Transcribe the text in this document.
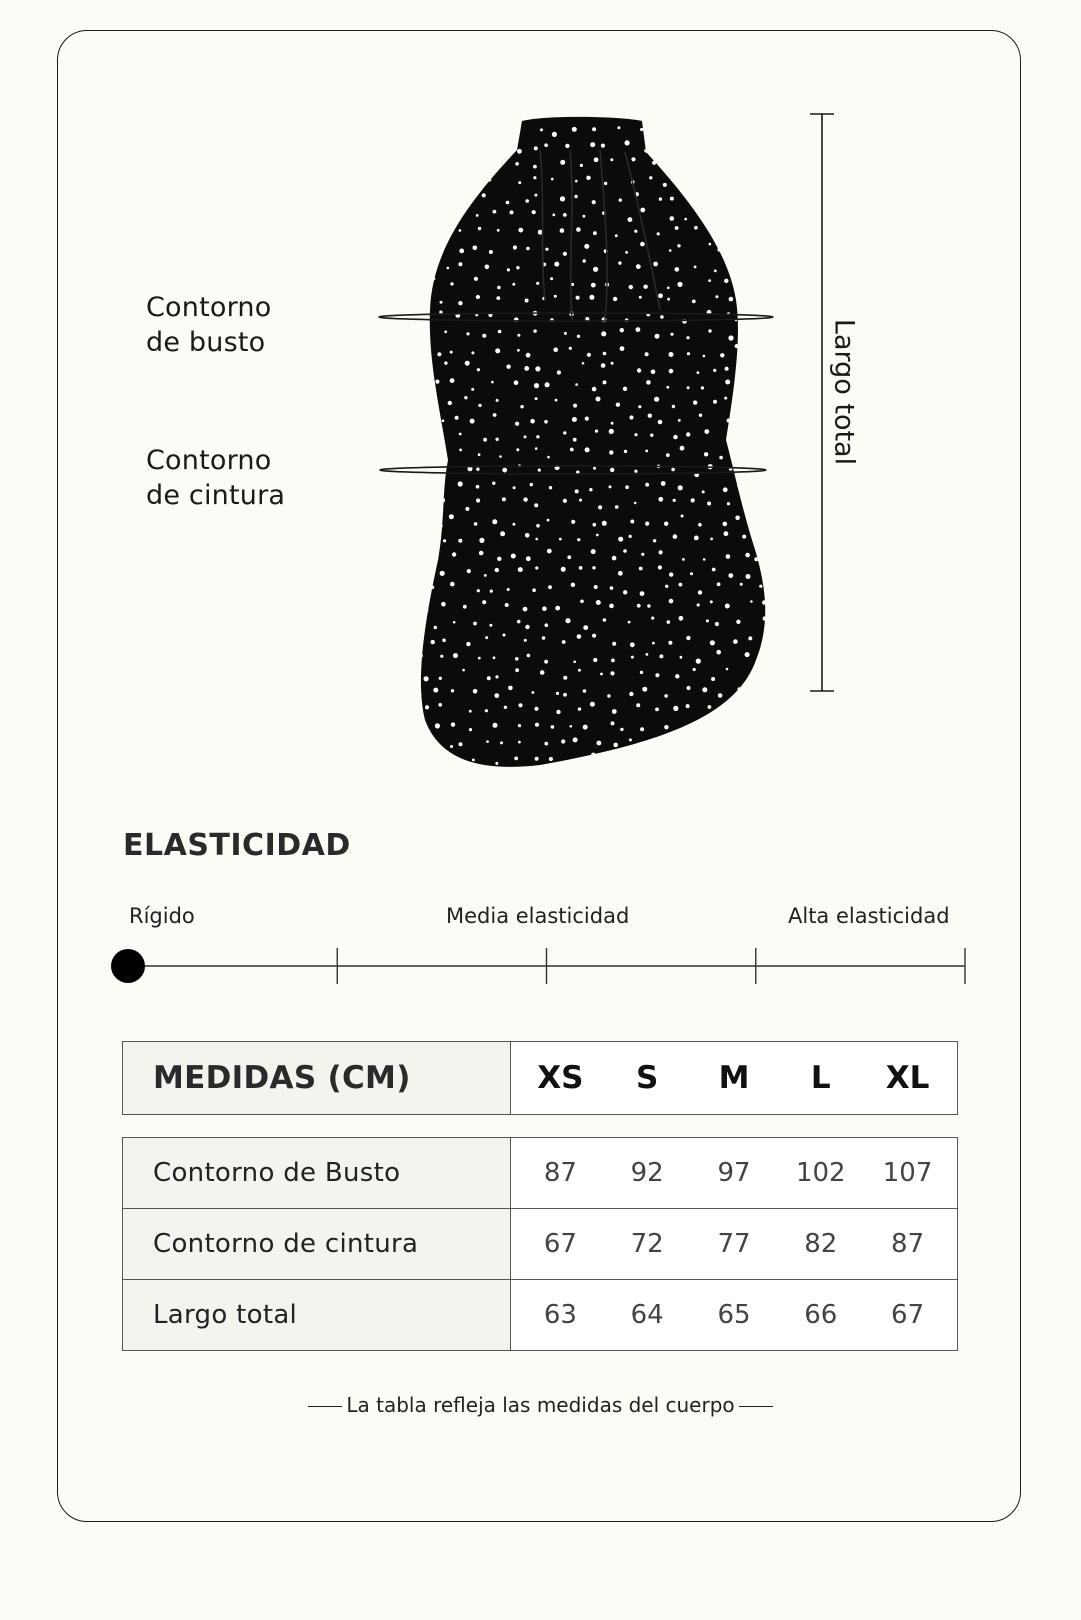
Contorno
de busto
Contorno
de cintura
Largo total
ELASTICIDAD
Rígido	Media elasticidad	Alta elasticidad
MEDIDAS (CM)	XS	S	M	L	XL
Contorno de Busto	87 92 97 102 107

Contorno de cintura	67 72 77 82 87

Largo total	63 64 65 66 67
La tabla refleja las medidas del cuerpo
